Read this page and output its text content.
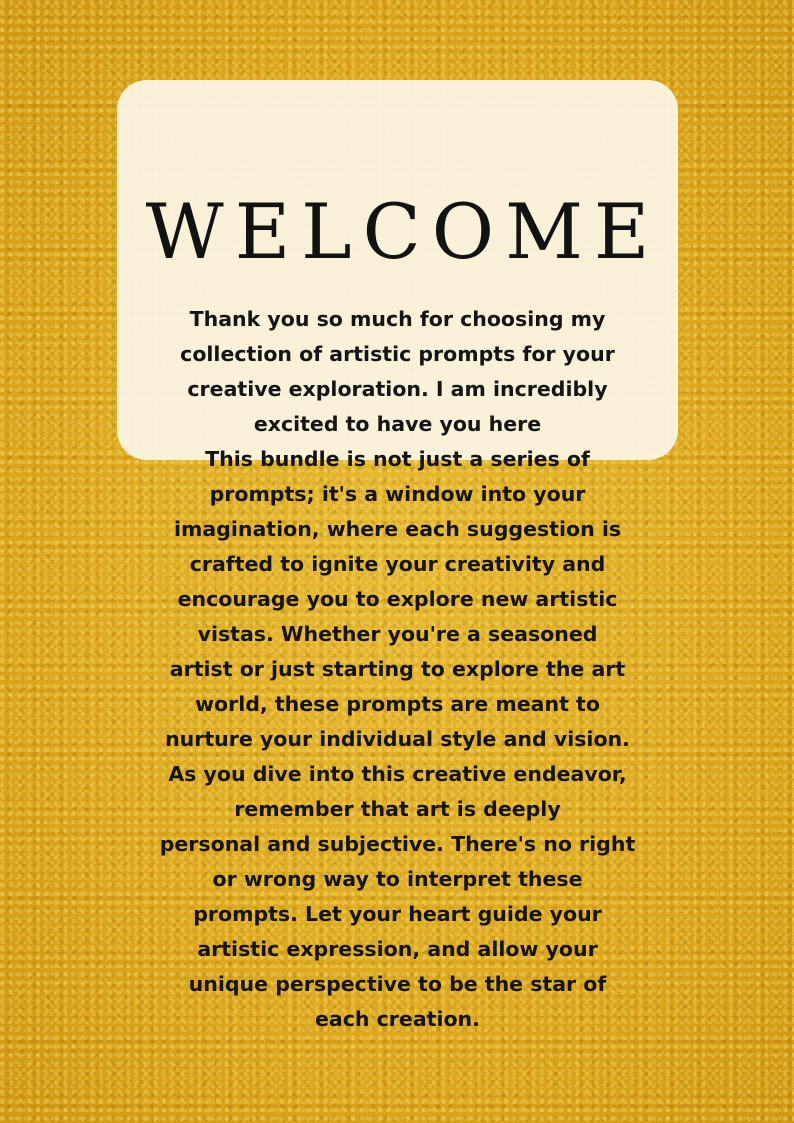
WELCOME

Thank you so much for choosing my
collection of artistic prompts for your
creative exploration. I am incredibly
excited to have you here
This bundle is not just a series of
prompts; it's a window into your
imagination, where each suggestion is
crafted to ignite your creativity and
encourage you to explore new artistic
vistas. Whether you're a seasoned
artist or just starting to explore the art
world, these prompts are meant to
nurture your individual style and vision.
As you dive into this creative endeavor,
remember that art is deeply
personal and subjective. There's no right
or wrong way to interpret these
prompts. Let your heart guide your
artistic expression, and allow your
unique perspective to be the star of
each creation.
